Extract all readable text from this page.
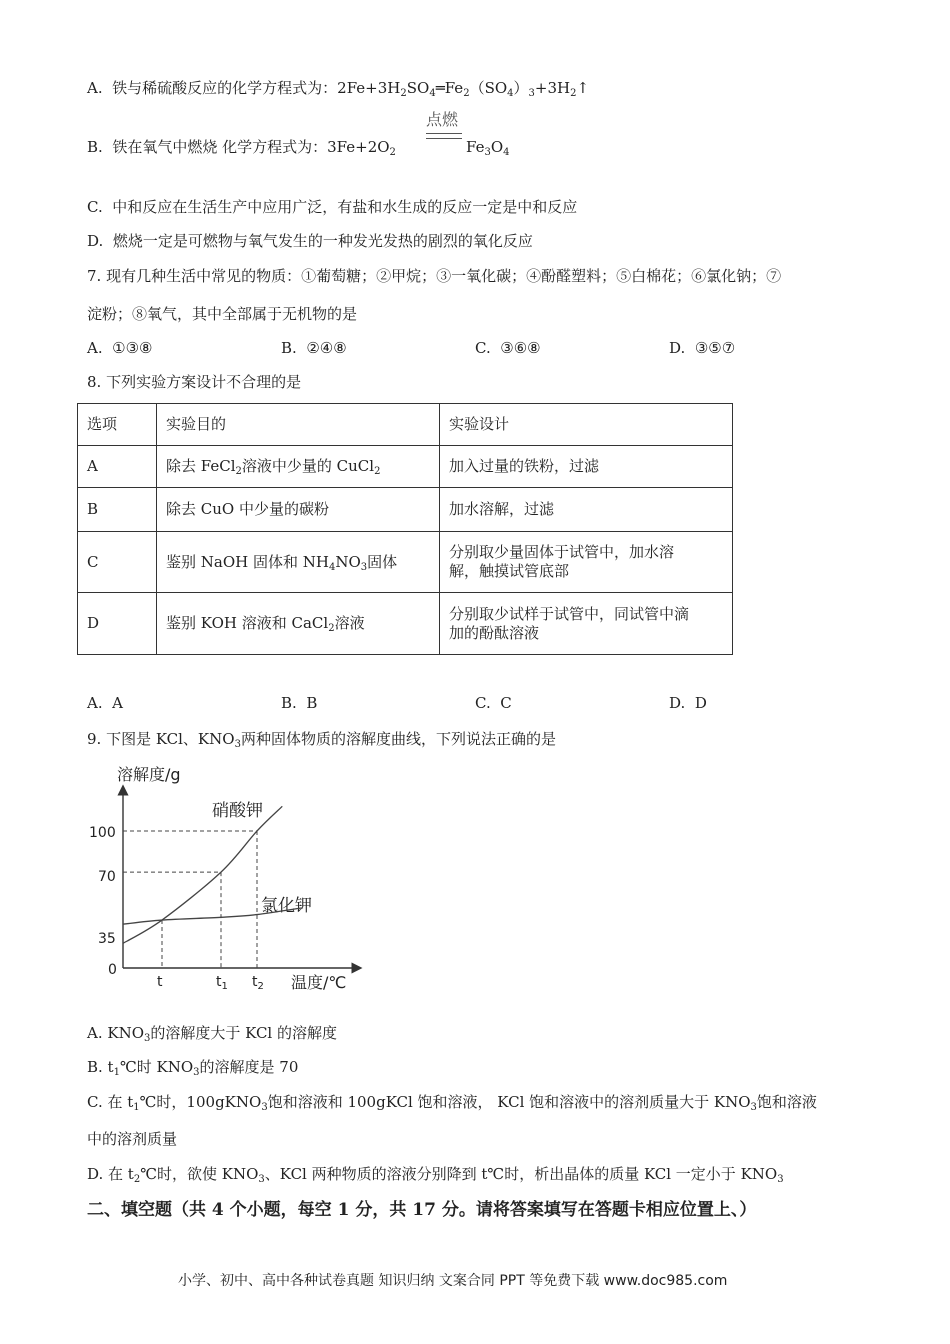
A. 铁与稀硫酸反应的化学方程式为：$2Fe+3H_2SO_4═Fe_2(SO_4)_3+3H_2↑$
点燃
B. 铁在氧气中燃烧 化学方程式为：$3Fe+2O_2$	$Fe_3O_4$
C. 中和反应在生活生产中应用广泛，有盐和水生成的反应一定是中和反应
D. 燃烧一定是可燃物与氧气发生的一种发光发热的剧烈的氧化反应
7. 现有几种生活中常见的物质：①葡萄糖；②甲烷；③一氧化碳；④酚醛塑料；⑤白棉花；⑥氯化钠；⑦
淀粉；⑧氧气，其中全部属于无机物的是
A. ①③⑧	B. ②④⑧	C. ③⑥⑧	D. ③⑤⑦
8. 下列实验方案设计不合理的是
选项	实验目的	实验设计
A	除去 FeCl$_2$溶液中少量的 CuCl$_2$	加入过量的铁粉，过滤
B	除去 CuO 中少量的碳粉	加水溶解，过滤
C	鉴别 NaOH 固体和 $NH_4NO_3$固体	分别取少量固体于试管中，加水溶
解，触摸试管底部

D	鉴别 KOH 溶液和 CaCl$_2$溶液	分别取少试样于试管中，同试管中滴
加的酚酞溶液
A. A	B. B	C. C	D. D
9. 下图是 KCl、$KNO_3$两种固体物质的溶解度曲线，下列说法正确的是
溶解度/g
温度/℃
100
70
35
0
t	$t_1$ $t_2$
硝酸钾
氯化钾
A. $KNO_3$的溶解度大于 KCl 的溶解度
B. $t_1℃$时 $KNO_3$的溶解度是 70
C. 在 $t_1℃$时，100gKNO$_3$饱和溶液和 100gKCl 饱和溶液， KCl 饱和溶液中的溶剂质量大于 $KNO_3$饱和溶液
中的溶剂质量
D. 在 $t_2℃$时，欲使 $KNO_3$、KCl 两种物质的溶液分别降到 t℃时，析出晶体的质量 KCl 一定小于 $KNO_3$
二、填空题（共 4 个小题，每空 1 分，共 17 分。请将答案填写在答题卡相应位置上、）
小学、初中、高中各种试卷真题 知识归纳 文案合同 PPT 等免费下载 www.doc985.com
